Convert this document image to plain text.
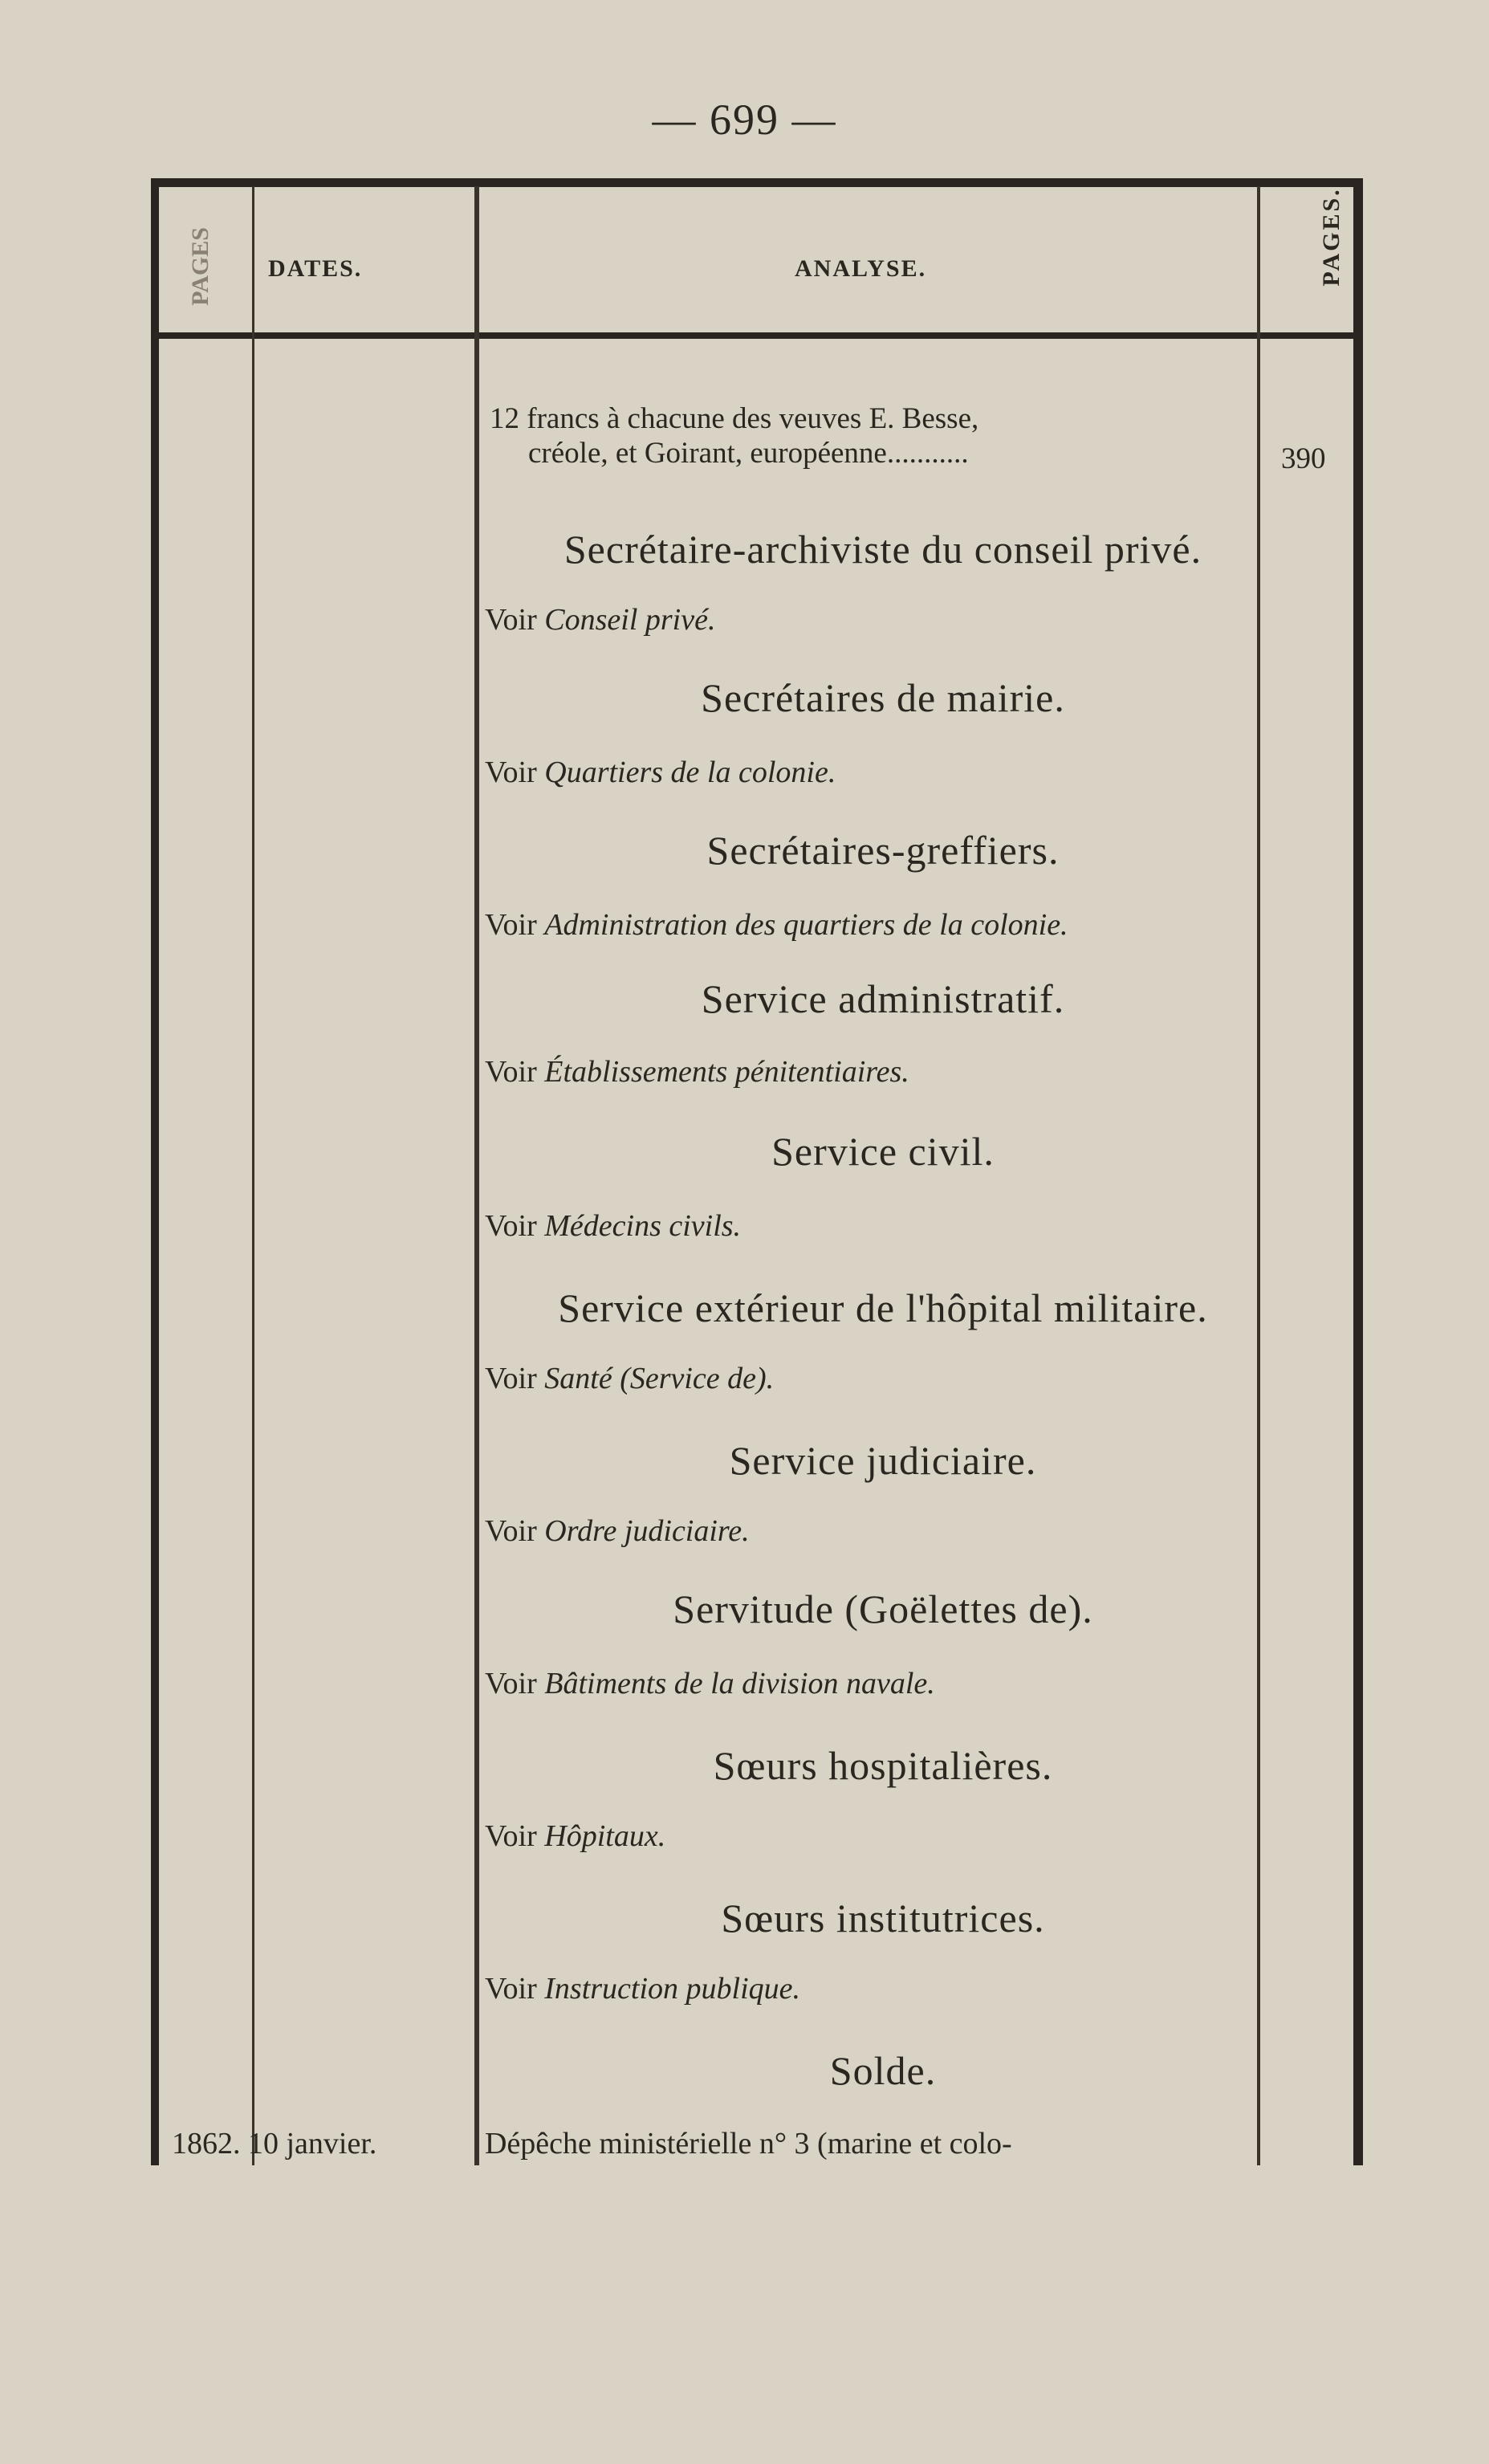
— 699 —
PAGES	DATES.	ANALYSE.	PAGES.
12 francs à chacune des veuves E. Besse,
créole, et Goirant, européenne...........	390
Secrétaire-archiviste du conseil privé.
Voir Conseil privé.
Secrétaires de mairie.
Voir Quartiers de la colonie.
Secrétaires-greffiers.
Voir Administration des quartiers de la colonie.
Service administratif.
Voir Établissements pénitentiaires.
Service civil.
Voir Médecins civils.
Service extérieur de l'hôpital militaire.
Voir Santé (Service de).
Service judiciaire.
Voir Ordre judiciaire.
Servitude (Goëlettes de).
Voir Bâtiments de la division navale.
Sœurs hospitalières.
Voir Hôpitaux.
Sœurs institutrices.
Voir Instruction publique.
Solde.
1862. 10 janvier.	Dépêche ministérielle n° 3 (marine et colo-
